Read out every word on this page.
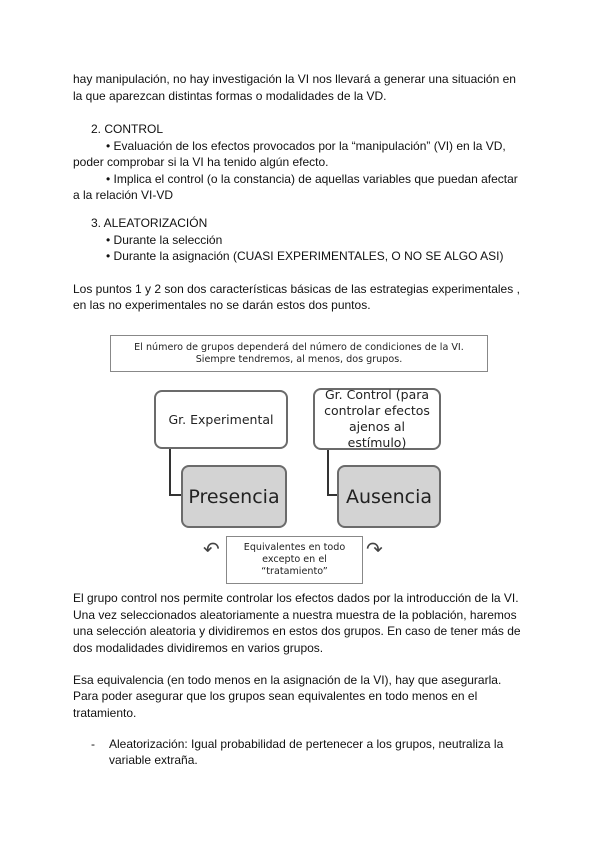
hay manipulación, no hay investigación la VI nos llevará a generar una situación en

la que aparezcan distintas formas o modalidades de la VD.

2. CONTROL

• Evaluación de los efectos provocados por la “manipulación” (VI) en la VD,

poder comprobar si la VI ha tenido algún efecto.

• Implica el control (o la constancia) de aquellas variables que puedan afectar

a la relación VI-VD

3. ALEATORIZACIÓN

• Durante la selección

• Durante la asignación (CUASI EXPERIMENTALES, O NO SE ALGO ASI)

Los puntos 1 y 2 son dos características básicas de las estrategias experimentales ,

en las no experimentales no se darán estos dos puntos.

El número de grupos dependerá del número de condiciones de la VI.
Siempre tendremos, al menos, dos grupos.
Gr. Experimental
Gr. Control (para
controlar efectos
ajenos al estímulo)
Presencia	Ausencia
↶	Equivalentes en todo
excepto en el
“tratamiento”
↷

El grupo control nos permite controlar los efectos dados por la introducción de la VI.

Una vez seleccionados aleatoriamente a nuestra muestra de la población, haremos

una selección aleatoria y dividiremos en estos dos grupos. En caso de tener más de

dos modalidades dividiremos en varios grupos.

Esa equivalencia (en todo menos en la asignación de la VI), hay que asegurarla.

Para poder asegurar que los grupos sean equivalentes en todo menos en el

tratamiento.

- Aleatorización: Igual probabilidad de pertenecer a los grupos, neutraliza la

variable extraña.
